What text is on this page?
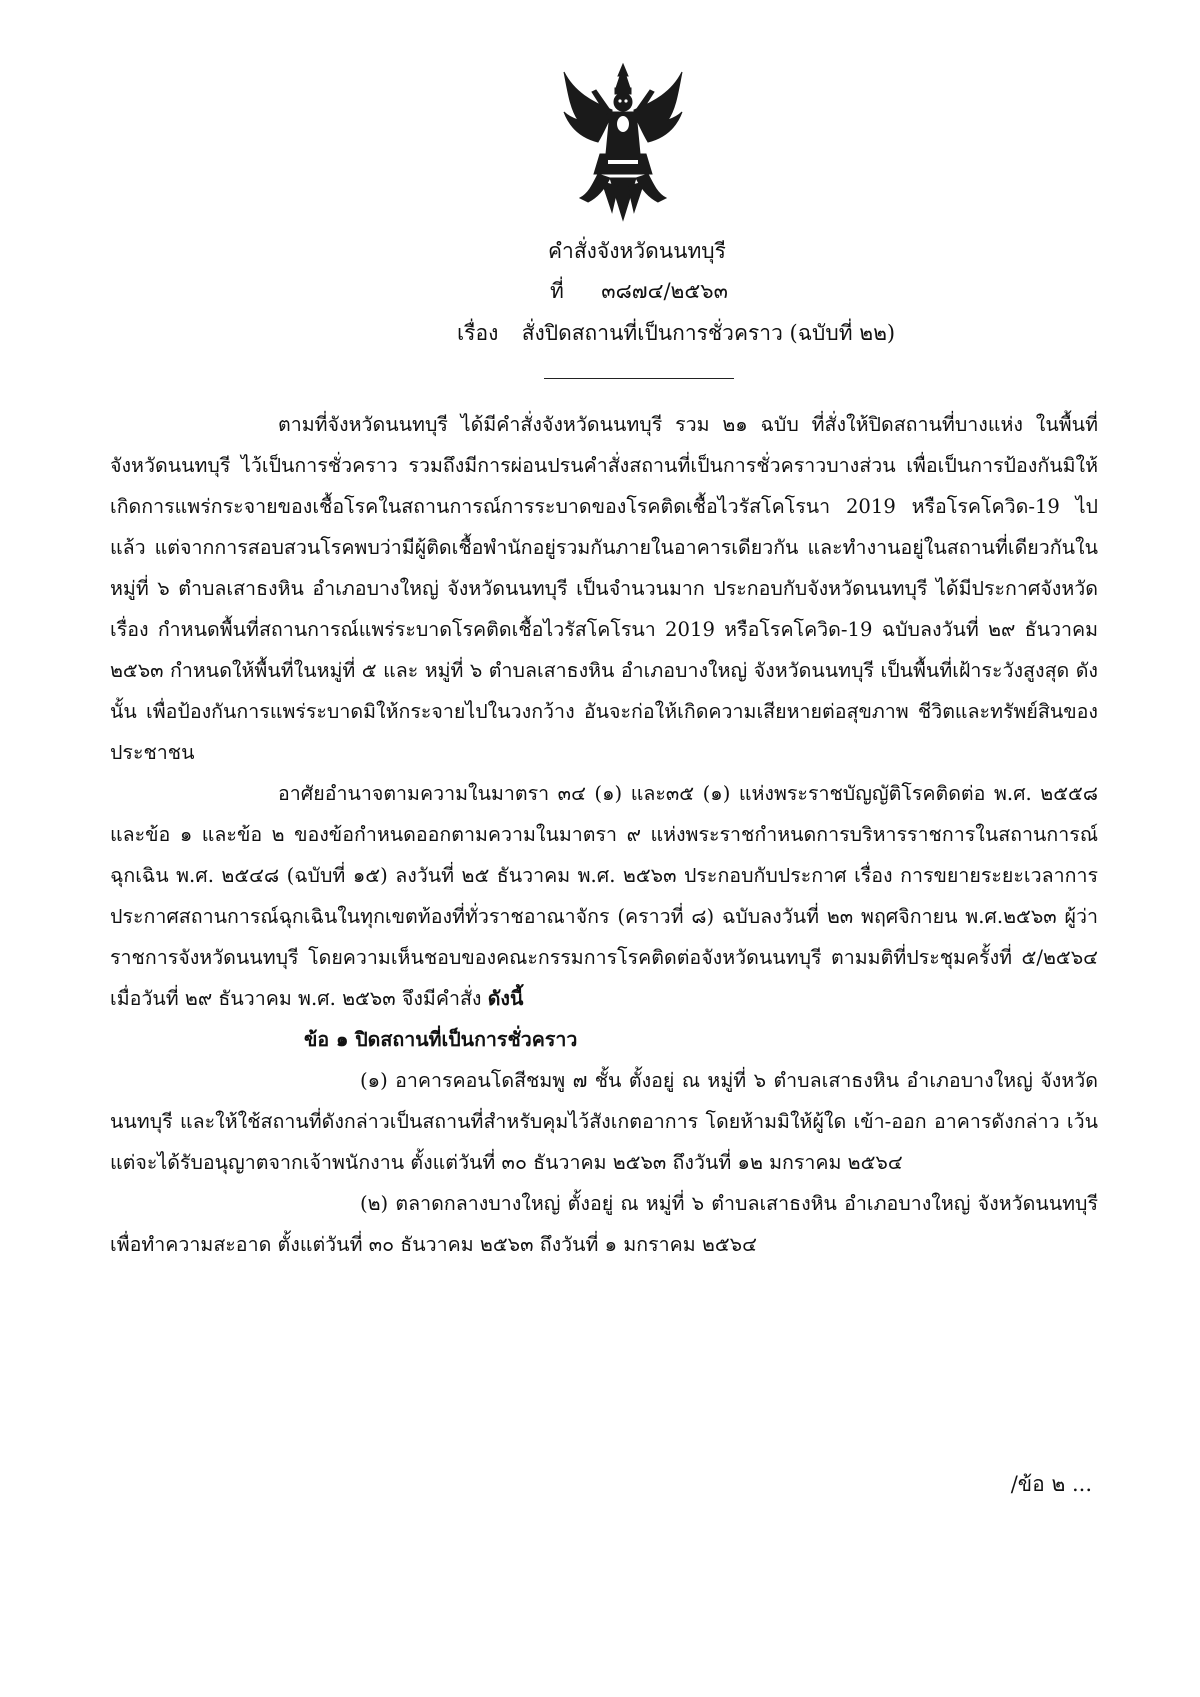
คำสั่งจังหวัดนนทบุรี
ที่ ๓๘๗๔/๒๕๖๓
เรื่อง สั่งปิดสถานที่เป็นการชั่วคราว (ฉบับที่ ๒๒)

ตามที่จังหวัดนนทบุรี ได้มีคำสั่งจังหวัดนนทบุรี รวม ๒๑ ฉบับ ที่สั่งให้ปิดสถานที่บางแห่ง ในพื้นที่จังหวัดนนทบุรี ไว้เป็นการชั่วคราว รวมถึงมีการผ่อนปรนคำสั่งสถานที่เป็นการชั่วคราวบางส่วน เพื่อเป็นการป้องกันมิให้เกิดการแพร่กระจายของเชื้อโรคในสถานการณ์การระบาดของโรคติดเชื้อไวรัสโคโรนา 2019 หรือโรคโควิด-19 ไปแล้ว แต่จากการสอบสวนโรคพบว่ามีผู้ติดเชื้อพำนักอยู่รวมกันภายในอาคารเดียวกัน และทำงานอยู่ในสถานที่เดียวกันในหมู่ที่ ๖ ตำบลเสาธงหิน อำเภอบางใหญ่ จังหวัดนนทบุรี เป็นจำนวนมาก ประกอบกับจังหวัดนนทบุรี ได้มีประกาศจังหวัด เรื่อง กำหนดพื้นที่สถานการณ์แพร่ระบาดโรคติดเชื้อไวรัสโคโรนา 2019 หรือโรคโควิด-19 ฉบับลงวันที่ ๒๙ ธันวาคม ๒๕๖๓ กำหนดให้พื้นที่ในหมู่ที่ ๕ และ หมู่ที่ ๖ ตำบลเสาธงหิน อำเภอบางใหญ่ จังหวัดนนทบุรี เป็นพื้นที่เฝ้าระวังสูงสุด ดังนั้น เพื่อป้องกันการแพร่ระบาดมิให้กระจายไปในวงกว้าง อันจะก่อให้เกิดความเสียหายต่อสุขภาพ ชีวิตและทรัพย์สินของประชาชน

อาศัยอำนาจตามความในมาตรา ๓๔ (๑) และ๓๕ (๑) แห่งพระราชบัญญัติโรคติดต่อ พ.ศ. ๒๕๕๘ และข้อ ๑ และข้อ ๒ ของข้อกำหนดออกตามความในมาตรา ๙ แห่งพระราชกำหนดการบริหารราชการในสถานการณ์ฉุกเฉิน พ.ศ. ๒๕๔๘ (ฉบับที่ ๑๕) ลงวันที่ ๒๕ ธันวาคม พ.ศ. ๒๕๖๓ ประกอบกับประกาศ เรื่อง การขยายระยะเวลาการประกาศสถานการณ์ฉุกเฉินในทุกเขตท้องที่ทั่วราชอาณาจักร (คราวที่ ๘) ฉบับลงวันที่ ๒๓ พฤศจิกายน พ.ศ.๒๕๖๓ ผู้ว่าราชการจังหวัดนนทบุรี โดยความเห็นชอบของคณะกรรมการโรคติดต่อจังหวัดนนทบุรี ตามมติที่ประชุมครั้งที่ ๕/๒๕๖๔ เมื่อวันที่ ๒๙ ธันวาคม พ.ศ. ๒๕๖๓ จึงมีคำสั่ง ดังนี้

ข้อ ๑ ปิดสถานที่เป็นการชั่วคราว

(๑) อาคารคอนโดสีชมพู ๗ ชั้น ตั้งอยู่ ณ หมู่ที่ ๖ ตำบลเสาธงหิน อำเภอบางใหญ่ จังหวัดนนทบุรี และให้ใช้สถานที่ดังกล่าวเป็นสถานที่สำหรับคุมไว้สังเกตอาการ โดยห้ามมิให้ผู้ใด เข้า-ออก อาคารดังกล่าว เว้นแต่จะได้รับอนุญาตจากเจ้าพนักงาน ตั้งแต่วันที่ ๓๐ ธันวาคม ๒๕๖๓ ถึงวันที่ ๑๒ มกราคม ๒๕๖๔

(๒) ตลาดกลางบางใหญ่ ตั้งอยู่ ณ หมู่ที่ ๖ ตำบลเสาธงหิน อำเภอบางใหญ่ จังหวัดนนทบุรี เพื่อทำความสะอาด ตั้งแต่วันที่ ๓๐ ธันวาคม ๒๕๖๓ ถึงวันที่ ๑ มกราคม ๒๕๖๔

/ข้อ ๒ ...
